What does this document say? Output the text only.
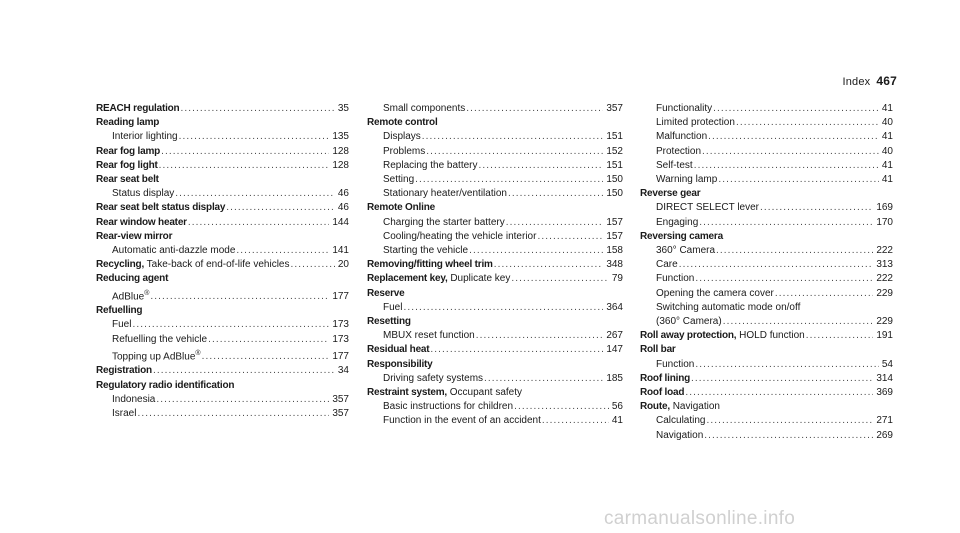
Index 467
REACH regulation .....	35
Reading lamp
Interior lighting .....	135
Rear fog lamp .....	128
Rear fog light .....	128
Rear seat belt
Status display .....	46
Rear seat belt status display .....	46
Rear window heater .....	144
Rear-view mirror
Automatic anti-dazzle mode .....	141
Recycling, Take-back of end-of-life vehicles .....	20
Reducing agent
AdBlue® .....	177
Refuelling
Fuel .....	173
Refuelling the vehicle .....	173
Topping up AdBlue® .....	177
Registration .....	34
Regulatory radio identification
Indonesia .....	357
Israel .....	357
Small components .....	357
Remote control
Displays .....	151
Problems .....	152
Replacing the battery .....	151
Setting .....	150
Stationary heater/ventilation .....	150
Remote Online
Charging the starter battery .....	157
Cooling/heating the vehicle interior .....	157
Starting the vehicle .....	158
Removing/fitting wheel trim .....	348
Replacement key, Duplicate key .....	79
Reserve
Fuel .....	364
Resetting
MBUX reset function .....	267
Residual heat .....	147
Responsibility
Driving safety systems .....	185
Restraint system, Occupant safety
Basic instructions for children .....	56
Function in the event of an accident .....	41
Functionality .....	41
Limited protection .....	40
Malfunction .....	41
Protection .....	40
Self-test .....	41
Warning lamp .....	41
Reverse gear
DIRECT SELECT lever .....	169
Engaging .....	170
Reversing camera
360° Camera .....	222
Care .....	313
Function .....	222
Opening the camera cover .....	229
Switching automatic mode on/off
(360° Camera) .....	229
Roll away protection, HOLD function .....	191
Roll bar
Function .....	54
Roof lining .....	314
Roof load .....	369
Route, Navigation
Calculating .....	271
Navigation .....	269
carmanualsonline.info
